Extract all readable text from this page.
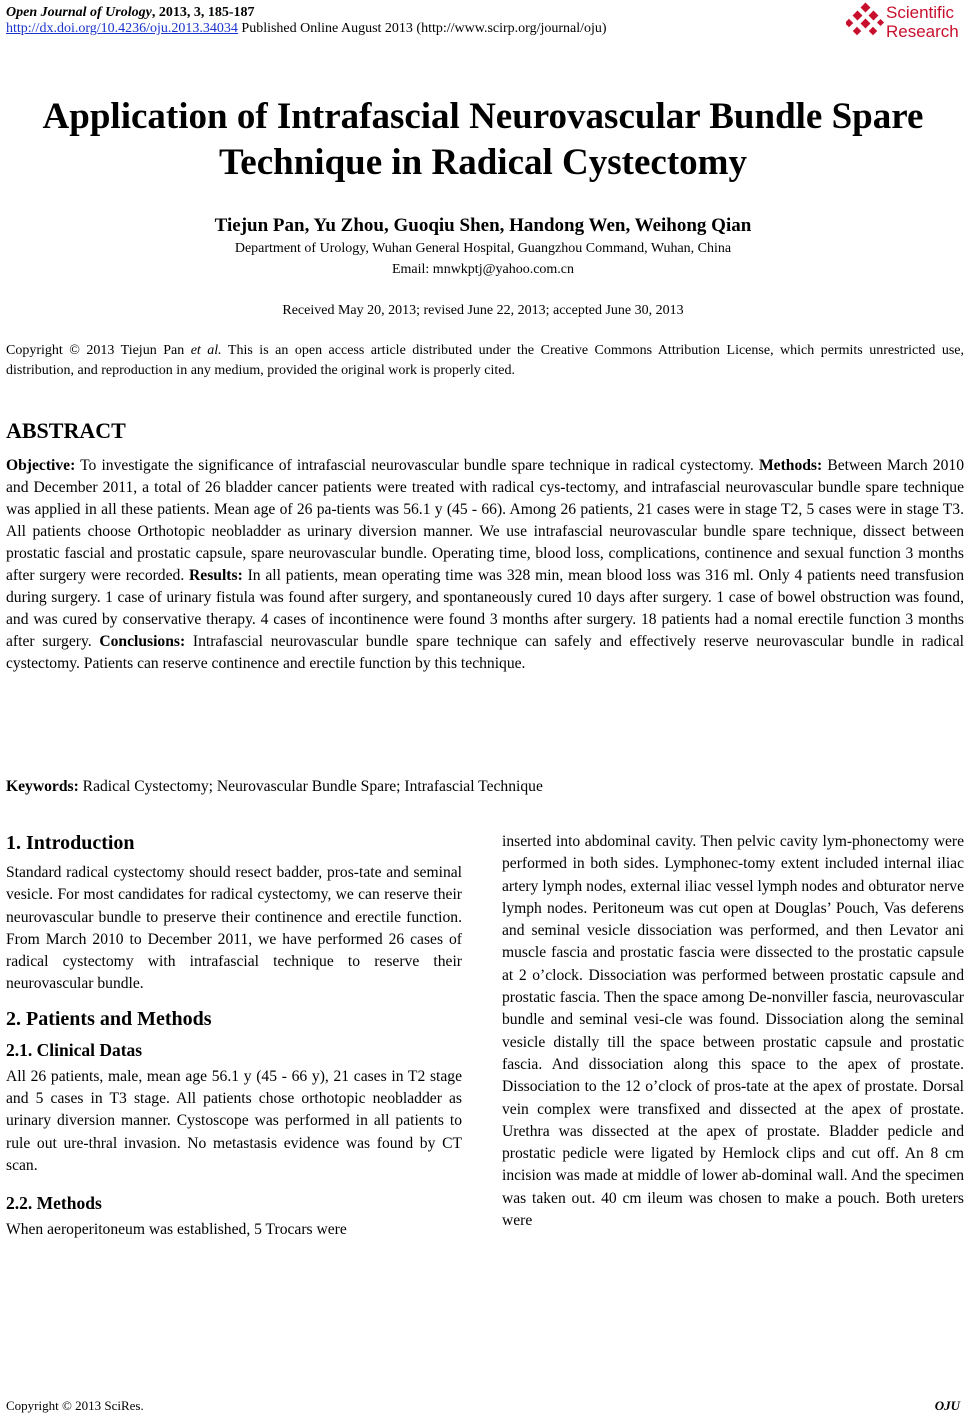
Open Journal of Urology, 2013, 3, 185-187
http://dx.doi.org/10.4236/oju.2013.34034 Published Online August 2013 (http://www.scirp.org/journal/oju)
Scientific
Research
Application of Intrafascial Neurovascular Bundle Spare
Technique in Radical Cystectomy
Tiejun Pan, Yu Zhou, Guoqiu Shen, Handong Wen, Weihong Qian
Department of Urology, Wuhan General Hospital, Guangzhou Command, Wuhan, China
Email: mnwkptj@yahoo.com.cn
Received May 20, 2013; revised June 22, 2013; accepted June 30, 2013
Copyright © 2013 Tiejun Pan et al. This is an open access article distributed under the Creative Commons Attribution License, which permits unrestricted use, distribution, and reproduction in any medium, provided the original work is properly cited.
ABSTRACT
Objective: To investigate the significance of intrafascial neurovascular bundle spare technique in radical cystectomy. Methods: Between March 2010 and December 2011, a total of 26 bladder cancer patients were treated with radical cys-tectomy, and intrafascial neurovascular bundle spare technique was applied in all these patients. Mean age of 26 pa-tients was 56.1 y (45 - 66). Among 26 patients, 21 cases were in stage T2, 5 cases were in stage T3. All patients choose Orthotopic neobladder as urinary diversion manner. We use intrafascial neurovascular bundle spare technique, dissect between prostatic fascial and prostatic capsule, spare neurovascular bundle. Operating time, blood loss, complications, continence and sexual function 3 months after surgery were recorded. Results: In all patients, mean operating time was 328 min, mean blood loss was 316 ml. Only 4 patients need transfusion during surgery. 1 case of urinary fistula was found after surgery, and spontaneously cured 10 days after surgery. 1 case of bowel obstruction was found, and was cured by conservative therapy. 4 cases of incontinence were found 3 months after surgery. 18 patients had a nomal erectile function 3 months after surgery. Conclusions: Intrafascial neurovascular bundle spare technique can safely and effectively reserve neurovascular bundle in radical cystectomy. Patients can reserve continence and erectile function by this technique.
Keywords: Radical Cystectomy; Neurovascular Bundle Spare; Intrafascial Technique
1. Introduction

Standard radical cystectomy should resect badder, pros-tate and seminal vesicle. For most candidates for radical cystectomy, we can reserve their neurovascular bundle to preserve their continence and erectile function. From March 2010 to December 2011, we have performed 26 cases of radical cystectomy with intrafascial technique to reserve their neurovascular bundle.

2. Patients and Methods
2.1. Clinical Datas

All 26 patients, male, mean age 56.1 y (45 - 66 y), 21 cases in T2 stage and 5 cases in T3 stage. All patients chose orthotopic neobladder as urinary diversion manner. Cystoscope was performed in all patients to rule out ure-thral invasion. No metastasis evidence was found by CT scan.

2.2. Methods

When aeroperitoneum was established, 5 Trocars were

inserted into abdominal cavity. Then pelvic cavity lym-phonectomy were performed in both sides. Lymphonec-tomy extent included internal iliac artery lymph nodes, external iliac vessel lymph nodes and obturator nerve lymph nodes. Peritoneum was cut open at Douglas’ Pouch, Vas deferens and seminal vesicle dissociation was performed, and then Levator ani muscle fascia and prostatic fascia were dissected to the prostatic capsule at 2 o’clock. Dissociation was performed between prostatic capsule and prostatic fascia. Then the space among De-nonviller fascia, neurovascular bundle and seminal vesi-cle was found. Dissociation along the seminal vesicle distally till the space between prostatic capsule and prostatic fascia. And dissociation along this space to the apex of prostate. Dissociation to the 12 o’clock of pros-tate at the apex of prostate. Dorsal vein complex were transfixed and dissected at the apex of prostate. Urethra was dissected at the apex of prostate. Bladder pedicle and prostatic pedicle were ligated by Hemlock clips and cut off. An 8 cm incision was made at middle of lower ab-dominal wall. And the specimen was taken out. 40 cm ileum was chosen to make a pouch. Both ureters were

Copyright © 2013 SciRes.	OJU
